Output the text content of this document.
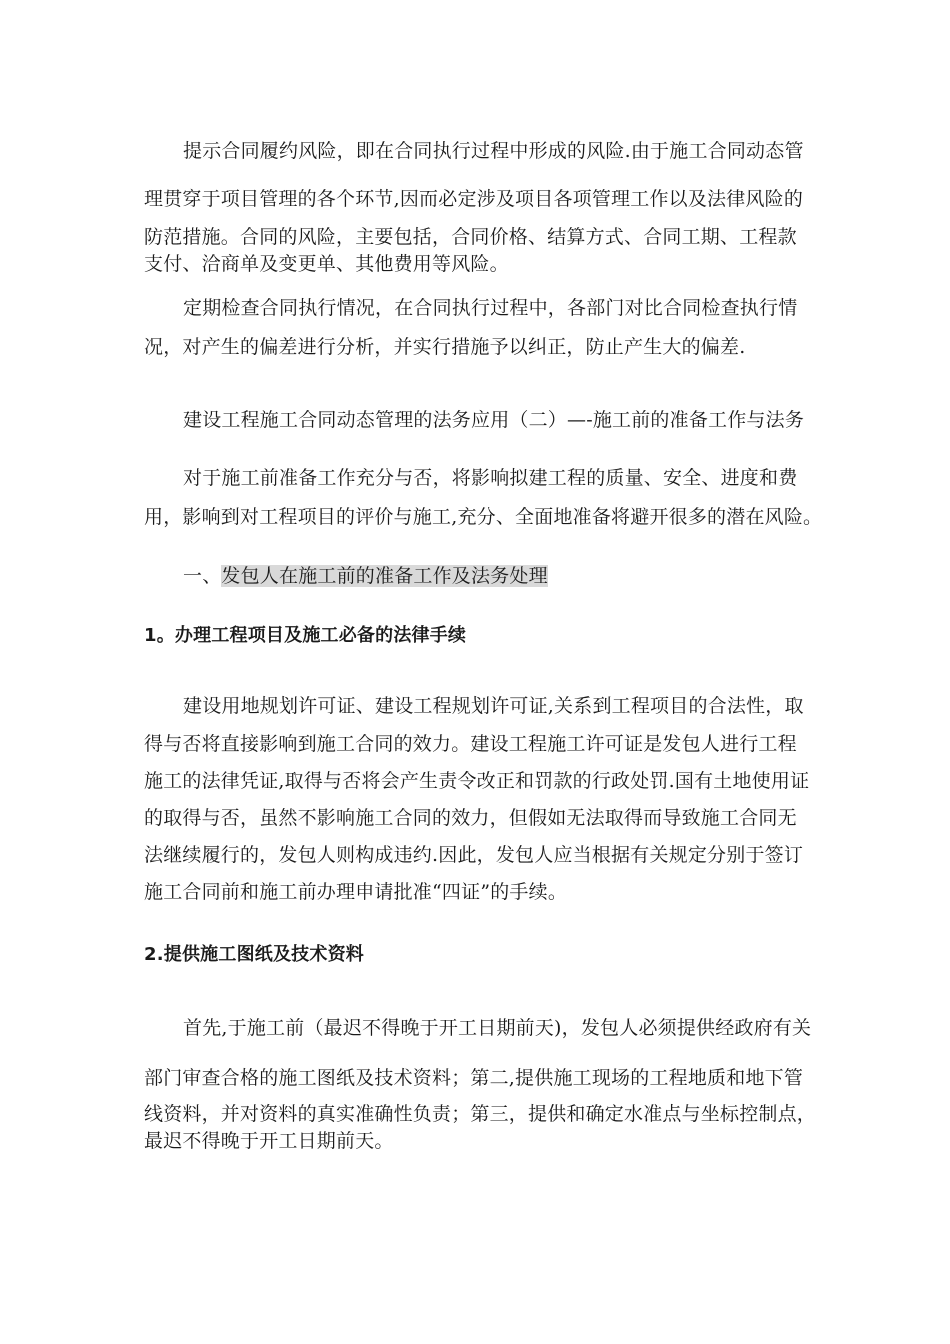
提示合同履约风险，即在合同执行过程中形成的风险.由于施工合同动态管
理贯穿于项目管理的各个环节,因而必定涉及项目各项管理工作以及法律风险的
防范措施。合同的风险，主要包括，合同价格、结算方式、合同工期、工程款
支付、洽商单及变更单、其他费用等风险。
定期检查合同执行情况，在合同执行过程中，各部门对比合同检查执行情
况，对产生的偏差进行分析，并实行措施予以纠正，防止产生大的偏差.
建设工程施工合同动态管理的法务应用（二）—-施工前的准备工作与法务
对于施工前准备工作充分与否，将影响拟建工程的质量、安全、进度和费
用，影响到对工程项目的评价与施工,充分、全面地准备将避开很多的潜在风险。
一、发包人在施工前的准备工作及法务处理
1。办理工程项目及施工必备的法律手续
建设用地规划许可证、建设工程规划许可证,关系到工程项目的合法性，取
得与否将直接影响到施工合同的效力。建设工程施工许可证是发包人进行工程
施工的法律凭证,取得与否将会产生责令改正和罚款的行政处罚.国有土地使用证
的取得与否，虽然不影响施工合同的效力，但假如无法取得而导致施工合同无
法继续履行的，发包人则构成违约.因此，发包人应当根据有关规定分别于签订
施工合同前和施工前办理申请批准“四证”的手续。
2.提供施工图纸及技术资料
首先,于施工前（最迟不得晚于开工日期前天)，发包人必须提供经政府有关
部门审查合格的施工图纸及技术资料；第二,提供施工现场的工程地质和地下管
线资料，并对资料的真实准确性负责；第三，提供和确定水准点与坐标控制点，
最迟不得晚于开工日期前天。
